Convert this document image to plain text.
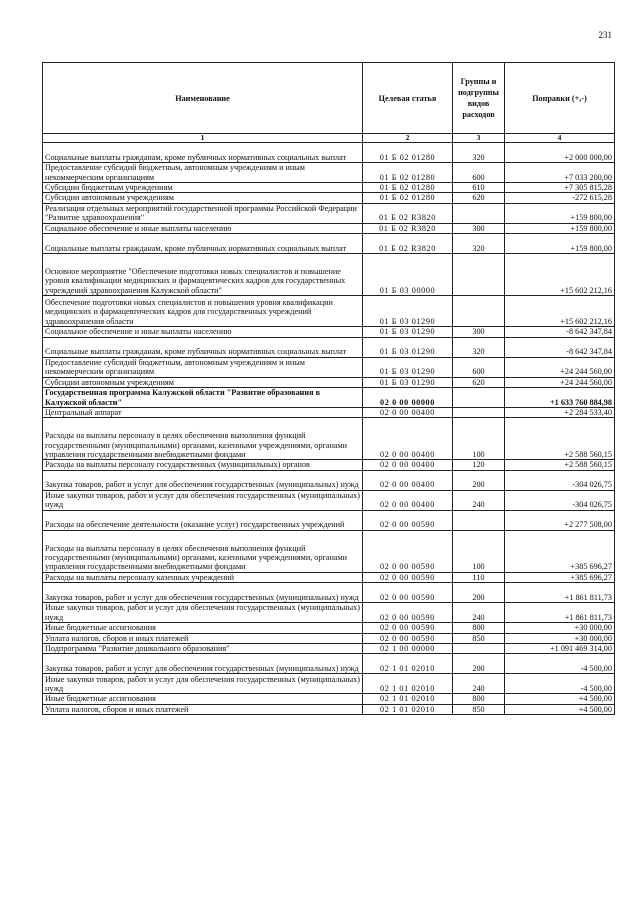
231
Наименование	Целевая статья	Группы и подгруппы видов расходов	Поправки (+,-)
1	2	3	4
Социальные выплаты гражданам, кроме публичных нормативных социальных выплат	01 Б 02 01280	320	+2 000 000,00
Предоставление субсидий бюджетным, автономным учреждениям и иным некоммерческим организациям	01 Б 02 01280	600	+7 033 200,00
Субсидии бюджетным учреждениям	01 Б 02 01280	610	+7 305 815,28
Субсидии автономным учреждениям	01 Б 02 01280	620	-272 615,28
Реализация отдельных мероприятий государственной программы Российской Федерации "Развитие здравоохранения"	01 Б 02 R3820		+159 800,00
Социальное обеспечение и иные выплаты населению	01 Б 02 R3820	300	+159 800,00
Социальные выплаты гражданам, кроме публичных нормативных социальных выплат	01 Б 02 R3820	320	+159 800,00
Основное мероприятие "Обеспечение подготовки новых специалистов и повышение уровня квалификации медицинских и фармацевтических кадров для государственных учреждений здравоохранения Калужской области"	01 Б 03 00000		+15 602 212,16
Обеспечение подготовки новых специалистов и повышения уровня квалификации медицинских и фармацевтических кадров для государственных учреждений здравоохранения области	01 Б 03 01290		+15 602 212,16
Социальное обеспечение и иные выплаты населению	01 Б 03 01290	300	-8 642 347,84
Социальные выплаты гражданам, кроме публичных нормативных социальных выплат	01 Б 03 01290	320	-8 642 347,84
Предоставление субсидий бюджетным, автономным учреждениям и иным некоммерческим организациям	01 Б 03 01290	600	+24 244 560,00
Субсидии автономным учреждениям	01 Б 03 01290	620	+24 244 560,00
Государственная программа Калужской области "Развитие образования в Калужской области"	02 0 00 00000		+1 633 760 884,98
Центральный аппарат	02 0 00 00400		+2 284 533,40
Расходы на выплаты персоналу в целях обеспечения выполнения функций государственными (муниципальными) органами, казенными учреждениями, органами управления государственными внебюджетными фондами	02 0 00 00400	100	+2 588 560,15
Расходы на выплаты персоналу государственных (муниципальных) органов	02 0 00 00400	120	+2 588 560,15
Закупка товаров, работ и услуг для обеспечения государственных (муниципальных) нужд	02 0 00 00400	200	-304 026,75
Иные закупки товаров, работ и услуг для обеспечения государственных (муниципальных) нужд	02 0 00 00400	240	-304 026,75
Расходы на обеспечение деятельности (оказание услуг) государственных учреждений	02 0 00 00590		+2 277 508,00
Расходы на выплаты персоналу в целях обеспечения выполнения функций государственными (муниципальными) органами, казенными учреждениями, органами управления государственными внебюджетными фондами	02 0 00 00590	100	+385 696,27
Расходы на выплаты персоналу казенных учреждений	02 0 00 00590	110	+385 696,27
Закупка товаров, работ и услуг для обеспечения государственных (муниципальных) нужд	02 0 00 00590	200	+1 861 811,73
Иные закупки товаров, работ и услуг для обеспечения государственных (муниципальных) нужд	02 0 00 00590	240	+1 861 811,73
Иные бюджетные ассигнования	02 0 00 00590	800	+30 000,00
Уплата налогов, сборов и иных платежей	02 0 00 00590	850	+30 000,00
Подпрограмма "Развитие дошкольного образования"	02 1 00 00000		+1 091 469 314,00
Закупка товаров, работ и услуг для обеспечения государственных (муниципальных) нужд	02 1 01 02010	200	-4 500,00
Иные закупки товаров, работ и услуг для обеспечения государственных (муниципальных) нужд	02 1 01 02010	240	-4 500,00
Иные бюджетные ассигнования	02 1 01 02010	800	+4 500,00
Уплата налогов, сборов и иных платежей	02 1 01 02010	850	+4 500,00
